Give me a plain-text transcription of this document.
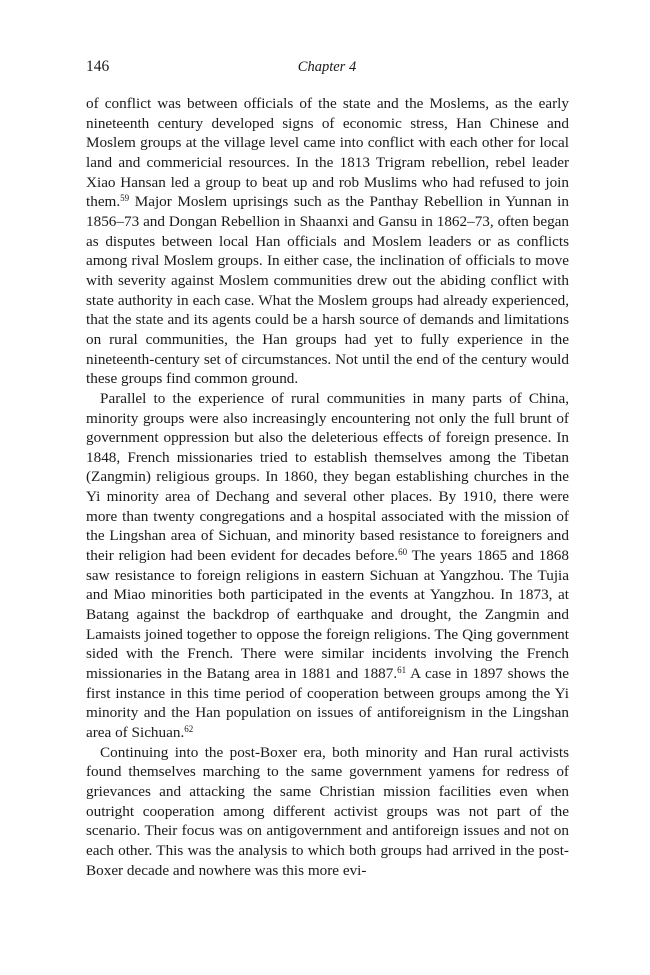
146	Chapter 4

of conflict was between officials of the state and the Moslems, as the early nineteenth century developed signs of economic stress, Han Chinese and Moslem groups at the village level came into conflict with each other for local land and commericial resources. In the 1813 Trigram rebellion, rebel leader Xiao Hansan led a group to beat up and rob Muslims who had refused to join them.$^{59}$ Major Moslem uprisings such as the Panthay Rebellion in Yunnan in 1856–73 and Dongan Rebellion in Shaanxi and Gansu in 1862–73, often began as disputes between local Han officials and Moslem leaders or as conflicts among rival Moslem groups. In either case, the inclination of officials to move with severity against Moslem communities drew out the abiding conflict with state authority in each case. What the Moslem groups had already experienced, that the state and its agents could be a harsh source of demands and limitations on rural communities, the Han groups had yet to fully experience in the nineteenth-century set of circumstances. Not until the end of the century would these groups find common ground.

Parallel to the experience of rural communities in many parts of China, minority groups were also increasingly encountering not only the full brunt of government oppression but also the deleterious effects of foreign presence. In 1848, French missionaries tried to establish themselves among the Tibetan (Zangmin) religious groups. In 1860, they began establishing churches in the Yi minority area of Dechang and several other places. By 1910, there were more than twenty congregations and a hospital associated with the mission of the Lingshan area of Sichuan, and minority based resistance to foreigners and their religion had been evident for decades before.$^{60}$ The years 1865 and 1868 saw resistance to foreign religions in eastern Sichuan at Yangzhou. The Tujia and Miao minorities both participated in the events at Yangzhou. In 1873, at Batang against the backdrop of earthquake and drought, the Zangmin and Lamaists joined together to oppose the foreign religions. The Qing government sided with the French. There were similar incidents involving the French missionaries in the Batang area in 1881 and 1887.61 A case in 1897 shows the first instance in this time period of cooperation between groups among the Yi minority and the Han population on issues of antiforeignism in the Lingshan area of Sichuan.$^{62}$

Continuing into the post-Boxer era, both minority and Han rural activists found themselves marching to the same government yamens for redress of grievances and attacking the same Christian mission facilities even when outright cooperation among different activist groups was not part of the scenario. Their focus was on antigovernment and antiforeign issues and not on each other. This was the analysis to which both groups had arrived in the post-Boxer decade and nowhere was this more evi-
